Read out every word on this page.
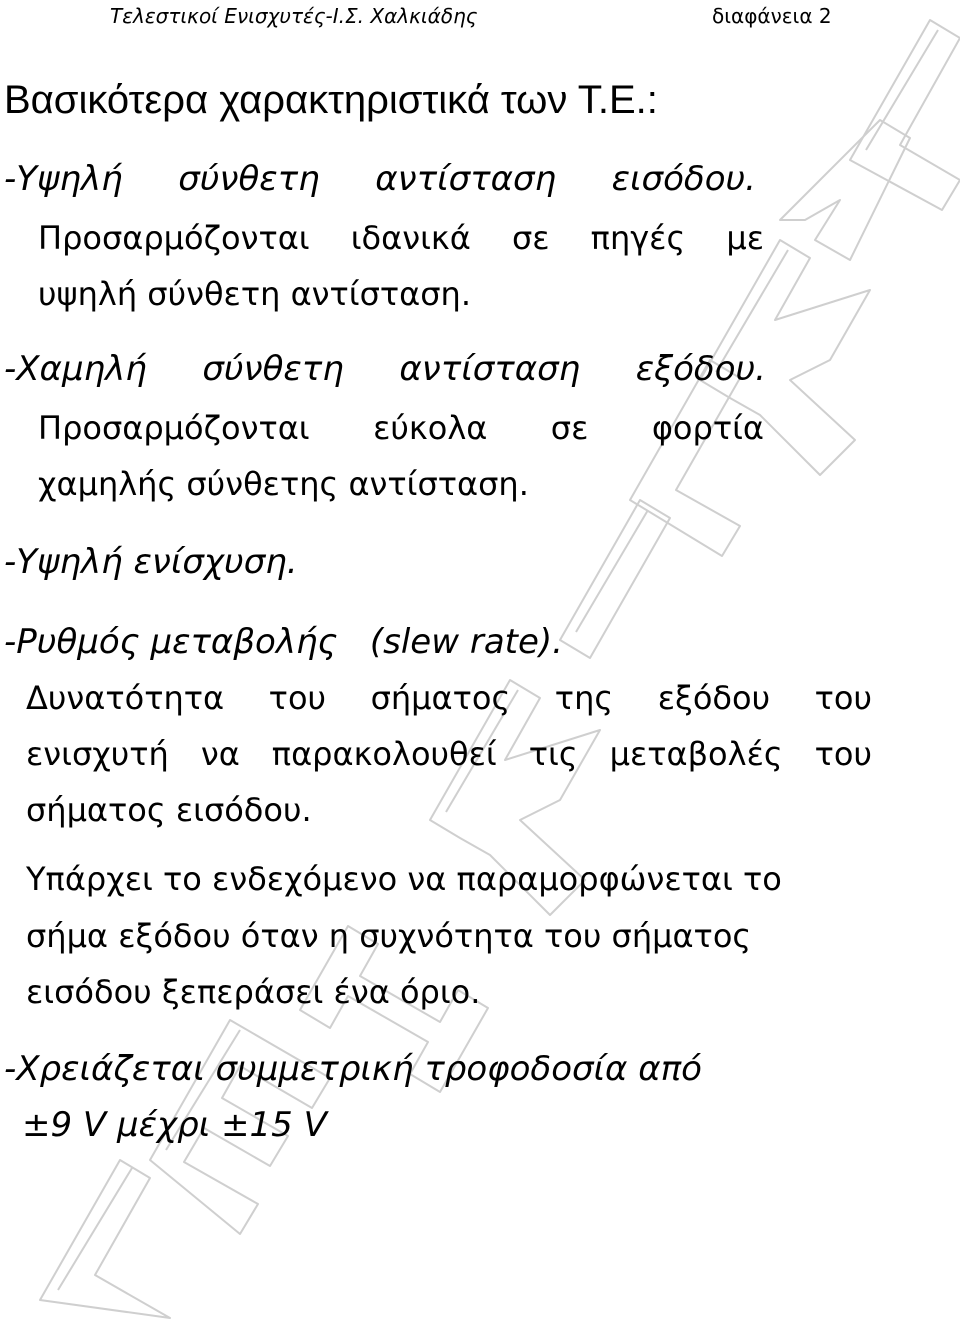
Τελεστικοί Ενισχυτές-Ι.Σ. Χαλκιάδης	διαφάνεια 2
Βασικότερα χαρακτηριστικά των Τ.Ε.:
-Υψηλή σύνθετη αντίσταση εισόδου.
Προσαρμόζονται ιδανικά σε πηγές με
υψηλή σύνθετη αντίσταση.
-Χαμηλή σύνθετη αντίσταση εξόδου.
Προσαρμόζονται εύκολα σε φορτία
χαμηλής σύνθετης αντίσταση.
-Υψηλή ενίσχυση.
-Ρυθμός μεταβολής   (slew rate).
Δυνατότητα του σήματος της εξόδου του
ενισχυτή να παρακολουθεί τις μεταβολές του
σήματος εισόδου.
Υπάρχει το ενδεχόμενο να παραμορφώνεται το
σήμα εξόδου όταν η συχνότητα του σήματος
εισόδου ξεπεράσει ένα όριο.
-Χρειάζεται συμμετρική τροφοδοσία από
±9 V μέχρι ±15 V
